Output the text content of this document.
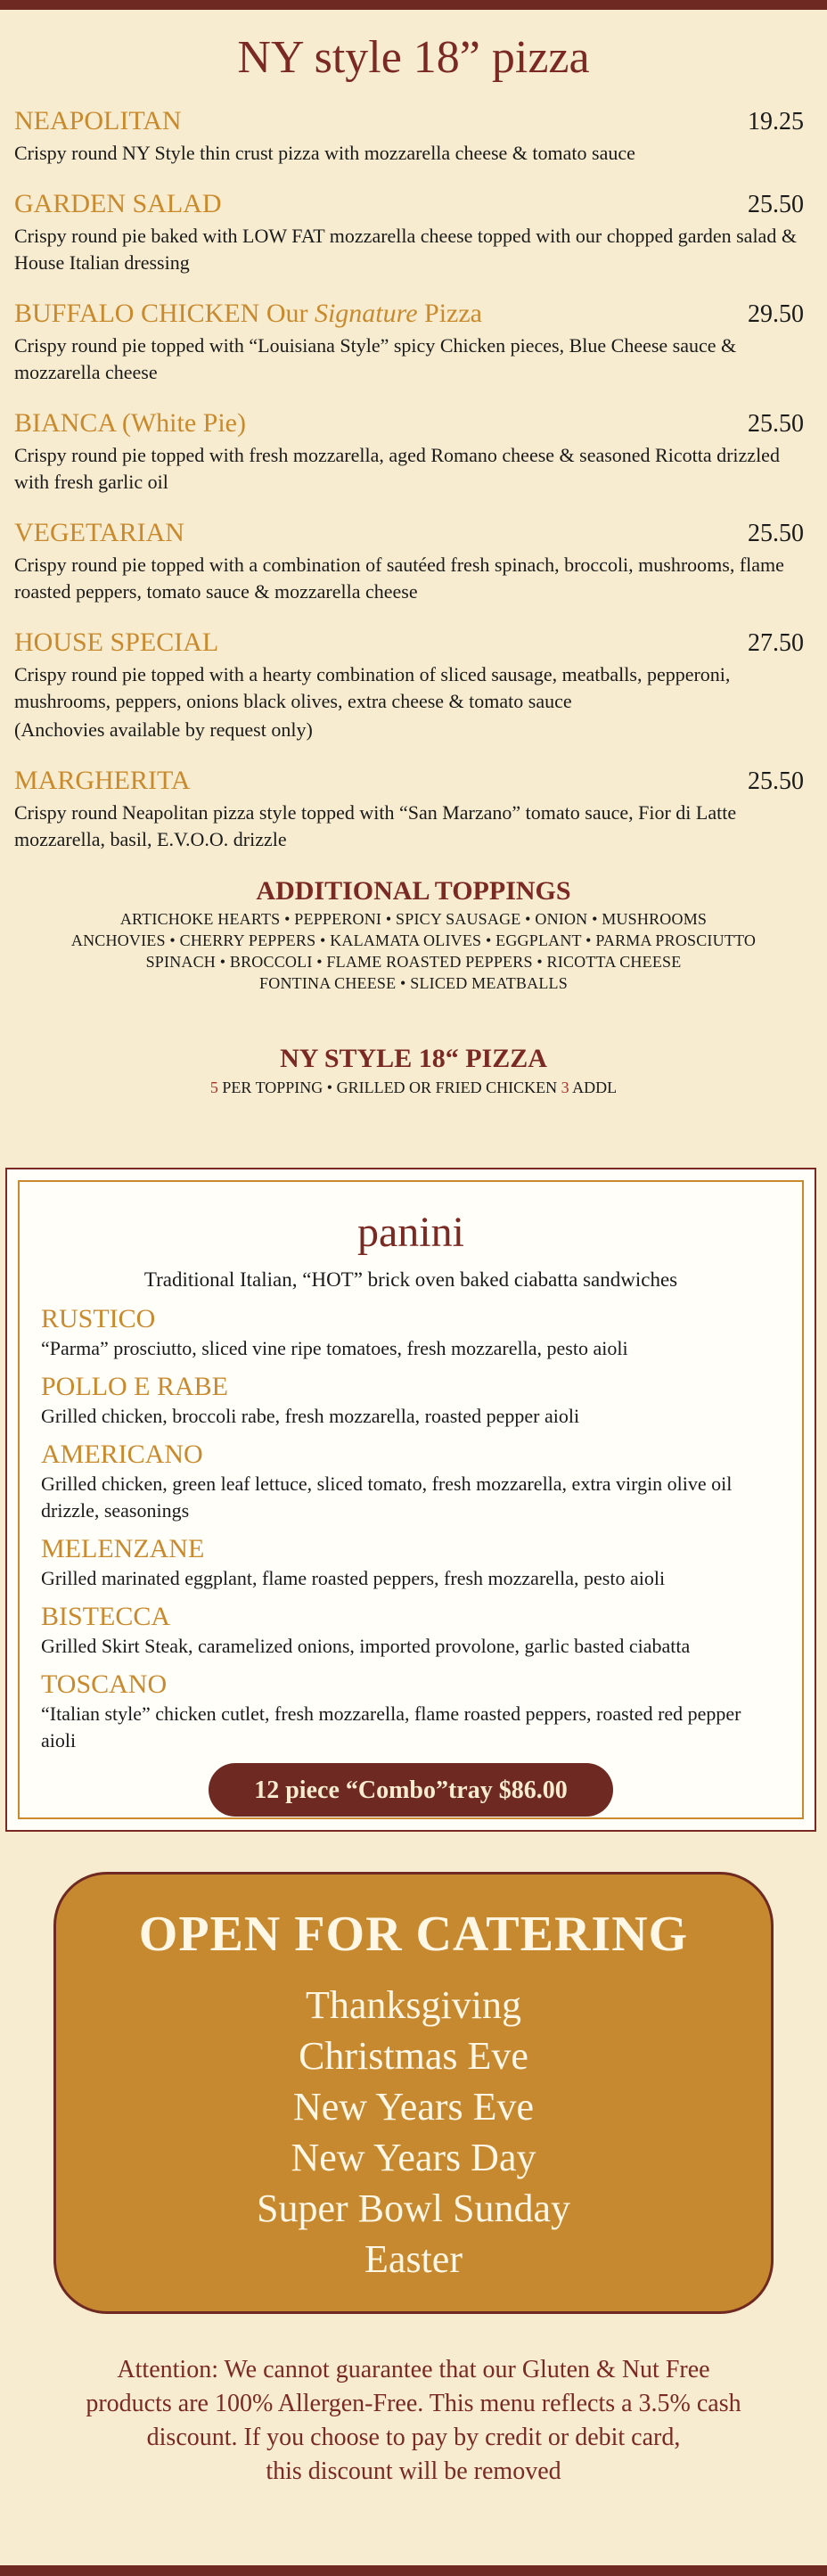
NY style 18” pizza
NEAPOLITAN	19.25
Crispy round NY Style thin crust pizza with mozzarella cheese & tomato sauce
GARDEN SALAD	25.50
Crispy round pie baked with LOW FAT mozzarella cheese topped with our chopped garden salad & House Italian dressing
BUFFALO CHICKEN Our Signature Pizza	29.50
Crispy round pie topped with “Louisiana Style” spicy Chicken pieces, Blue Cheese sauce & mozzarella cheese
BIANCA (White Pie)	25.50
Crispy round pie topped with fresh mozzarella, aged Romano cheese & seasoned Ricotta drizzled with fresh garlic oil
VEGETARIAN	25.50
Crispy round pie topped with a combination of sautéed fresh spinach, broccoli, mushrooms, flame roasted peppers, tomato sauce & mozzarella cheese
HOUSE SPECIAL	27.50
Crispy round pie topped with a hearty combination of sliced sausage, meatballs, pepperoni, mushrooms, peppers, onions black olives, extra cheese & tomato sauce
(Anchovies available by request only)
MARGHERITA	25.50
Crispy round Neapolitan pizza style topped with “San Marzano” tomato sauce, Fior di Latte mozzarella, basil, E.V.O.O. drizzle
ADDITIONAL TOPPINGS
ARTICHOKE HEARTS • PEPPERONI • SPICY SAUSAGE • ONION • MUSHROOMS
ANCHOVIES • CHERRY PEPPERS • KALAMATA OLIVES • EGGPLANT • PARMA PROSCIUTTO
SPINACH • BROCCOLI • FLAME ROASTED PEPPERS • RICOTTA CHEESE
FONTINA CHEESE • SLICED MEATBALLS
NY STYLE 18“ PIZZA
5 PER TOPPING • GRILLED OR FRIED CHICKEN 3 ADDL
panini
Traditional Italian, “HOT” brick oven baked ciabatta sandwiches
RUSTICO
“Parma” prosciutto, sliced vine ripe tomatoes, fresh mozzarella, pesto aioli
POLLO E RABE
Grilled chicken, broccoli rabe, fresh mozzarella, roasted pepper aioli
AMERICANO
Grilled chicken, green leaf lettuce, sliced tomato, fresh mozzarella, extra virgin olive oil drizzle, seasonings
MELENZANE
Grilled marinated eggplant, flame roasted peppers, fresh mozzarella, pesto aioli
BISTECCA
Grilled Skirt Steak, caramelized onions, imported provolone, garlic basted ciabatta
TOSCANO
“Italian style” chicken cutlet, fresh mozzarella, flame roasted peppers, roasted red pepper aioli
12 piece “Combo”tray $86.00
OPEN FOR CATERING
Thanksgiving
Christmas Eve
New Years Eve
New Years Day
Super Bowl Sunday
Easter
Attention: We cannot guarantee that our Gluten & Nut Free
products are 100% Allergen-Free. This menu reflects a 3.5% cash
discount. If you choose to pay by credit or debit card,
this discount will be removed
